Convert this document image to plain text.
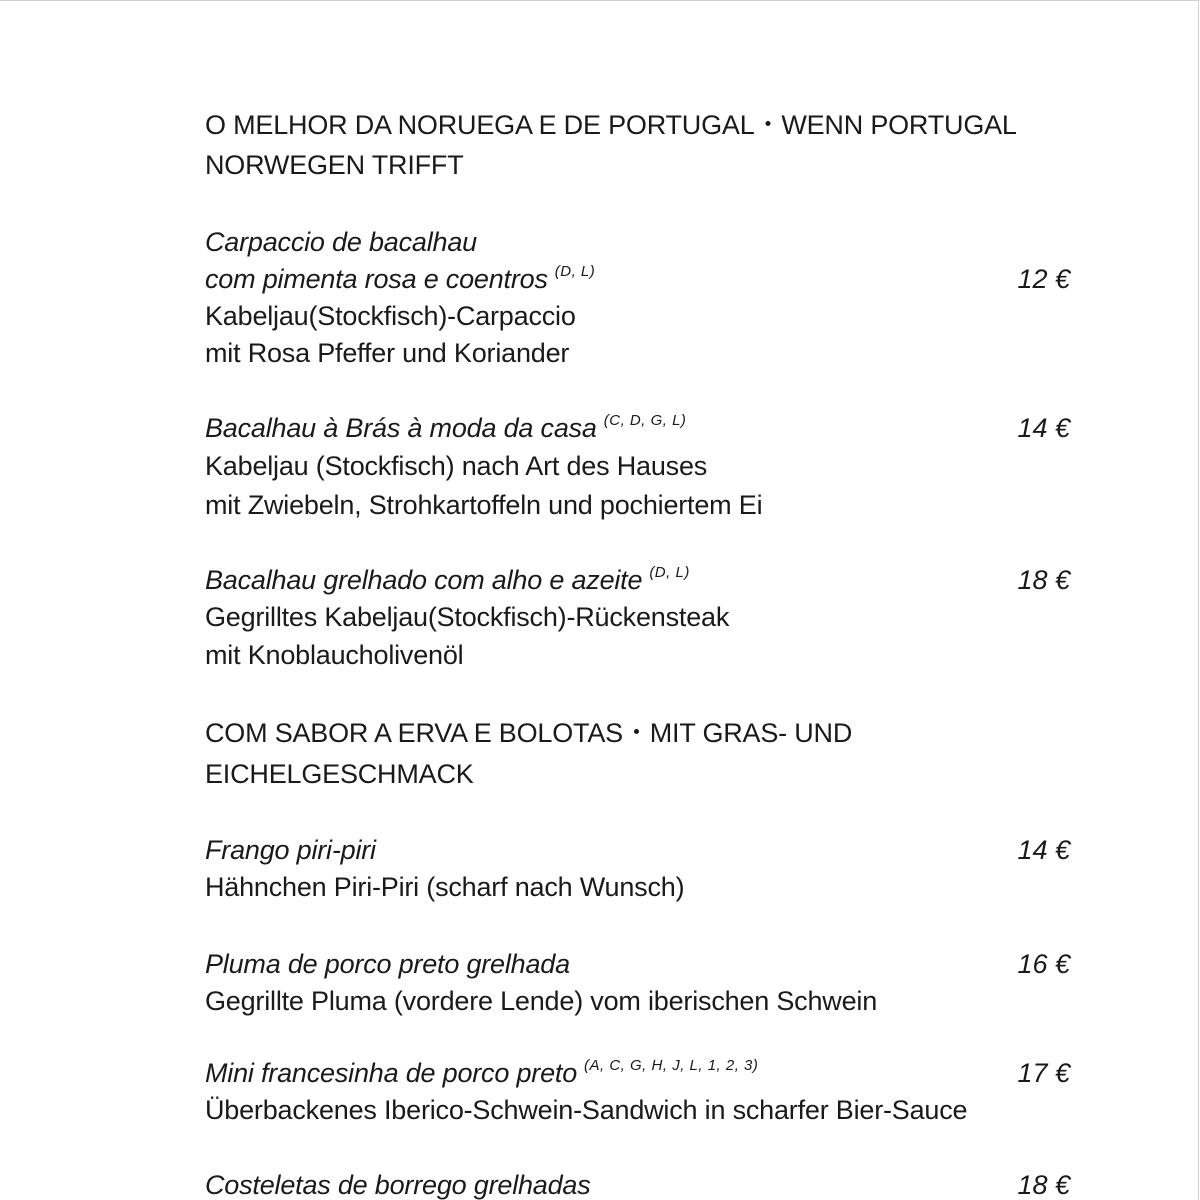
O MELHOR DA NORUEGA E DE PORTUGAL・WENN PORTUGAL
NORWEGEN TRIFFT
Carpaccio de bacalhau
com pimenta rosa e coentros $^{(D, L)}$	12 €
Kabeljau(Stockfisch)-Carpaccio
mit Rosa Pfeffer und Koriander
Bacalhau à Brás à moda da casa $^{(C, D, G, L)}$	14 €
Kabeljau (Stockfisch) nach Art des Hauses
mit Zwiebeln, Strohkartoffeln und pochiertem Ei
Bacalhau grelhado com alho e azeite $^{(D, L)}$	18 €
Gegrilltes Kabeljau(Stockfisch)-Rückensteak
mit Knoblaucholivenöl
COM SABOR A ERVA E BOLOTAS・MIT GRAS- UND
EICHELGESCHMACK
Frango piri-piri	14 €
Hähnchen Piri-Piri (scharf nach Wunsch)
Pluma de porco preto grelhada	16 €
Gegrillte Pluma (vordere Lende) vom iberischen Schwein
Mini francesinha de porco preto $^{(A, C, G, H, J, L, 1, 2, 3)}$	17 €
Überbackenes Iberico-Schwein-Sandwich in scharfer Bier-Sauce
Costeletas de borrego grelhadas	18 €
